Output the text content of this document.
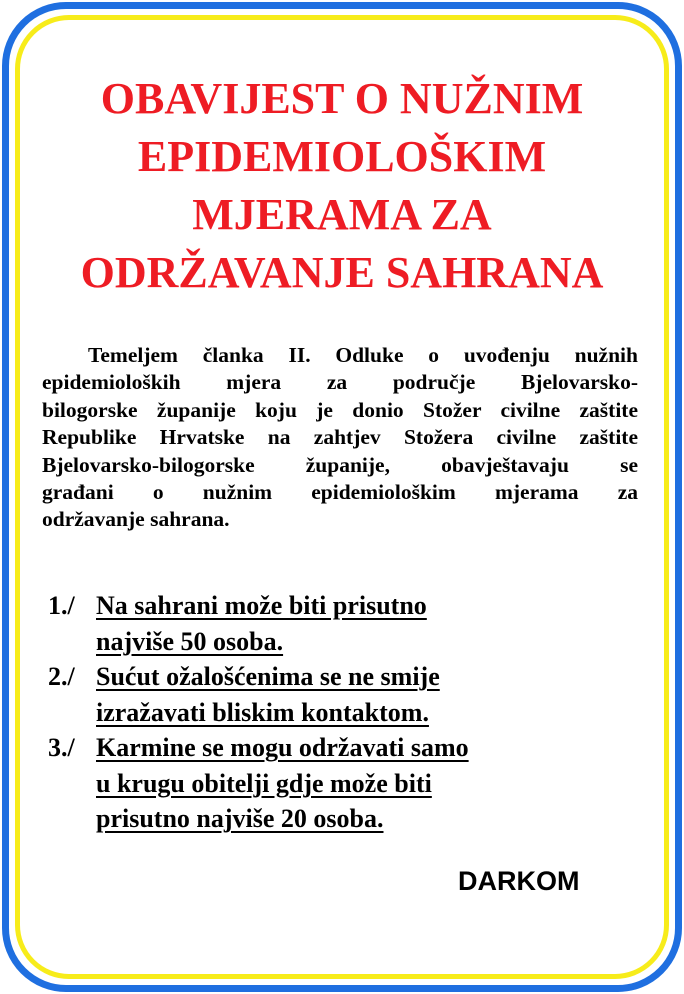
OBAVIJEST O NUŽNIM
EPIDEMIOLOŠKIM
MJERAMA ZA
ODRŽAVANJE SAHRANA

Temeljem članka II. Odluke o uvođenju nužnih
epidemioloških mjera za područje Bjelovarsko-
bilogorske županije koju je donio Stožer civilne zaštite
Republike Hrvatske na zahtjev Stožera civilne zaštite
Bjelovarsko-bilogorske županije, obavještavaju se
građani o nužnim epidemiološkim mjerama za
održavanje sahrana.

1./ Na sahrani može biti prisutno
najviše 50 osoba.
2./ Sućut ožalošćenima se ne smije
izražavati bliskim kontaktom.
3./ Karmine se mogu održavati samo
u krugu obitelji gdje može biti
prisutno najviše 20 osoba.

DARKOM
